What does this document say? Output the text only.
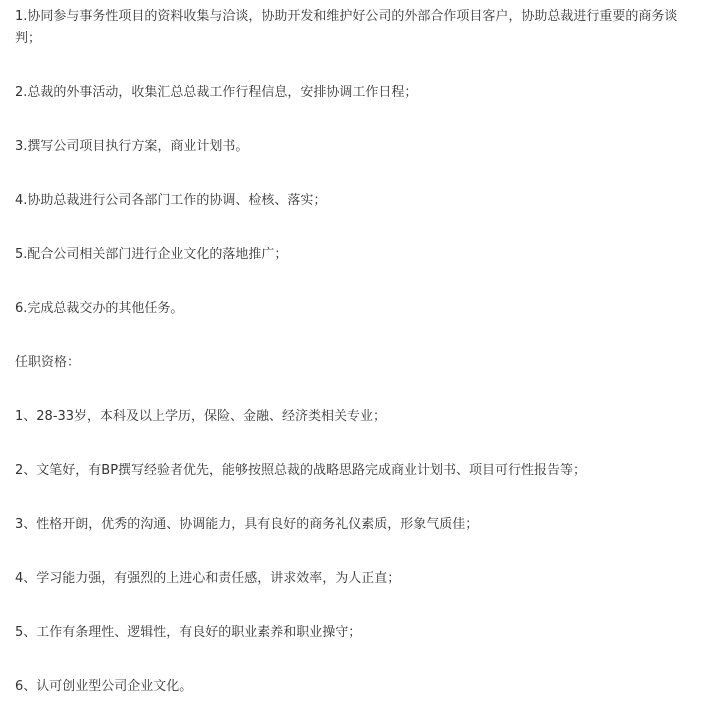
1.协同参与事务性项目的资料收集与洽谈，协助开发和维护好公司的外部合作项目客户，协助总裁进行重要的商务谈判；

2.总裁的外事活动，收集汇总总裁工作行程信息，安排协调工作日程；

3.撰写公司项目执行方案，商业计划书。

4.协助总裁进行公司各部门工作的协调、检核、落实；

5.配合公司相关部门进行企业文化的落地推广；

6.完成总裁交办的其他任务。

任职资格：

1、28-33岁，本科及以上学历，保险、金融、经济类相关专业；

2、文笔好，有BP撰写经验者优先，能够按照总裁的战略思路完成商业计划书、项目可行性报告等；

3、性格开朗，优秀的沟通、协调能力，具有良好的商务礼仪素质，形象气质佳；

4、学习能力强，有强烈的上进心和责任感，讲求效率，为人正直；

5、工作有条理性、逻辑性，有良好的职业素养和职业操守；

6、认可创业型公司企业文化。
